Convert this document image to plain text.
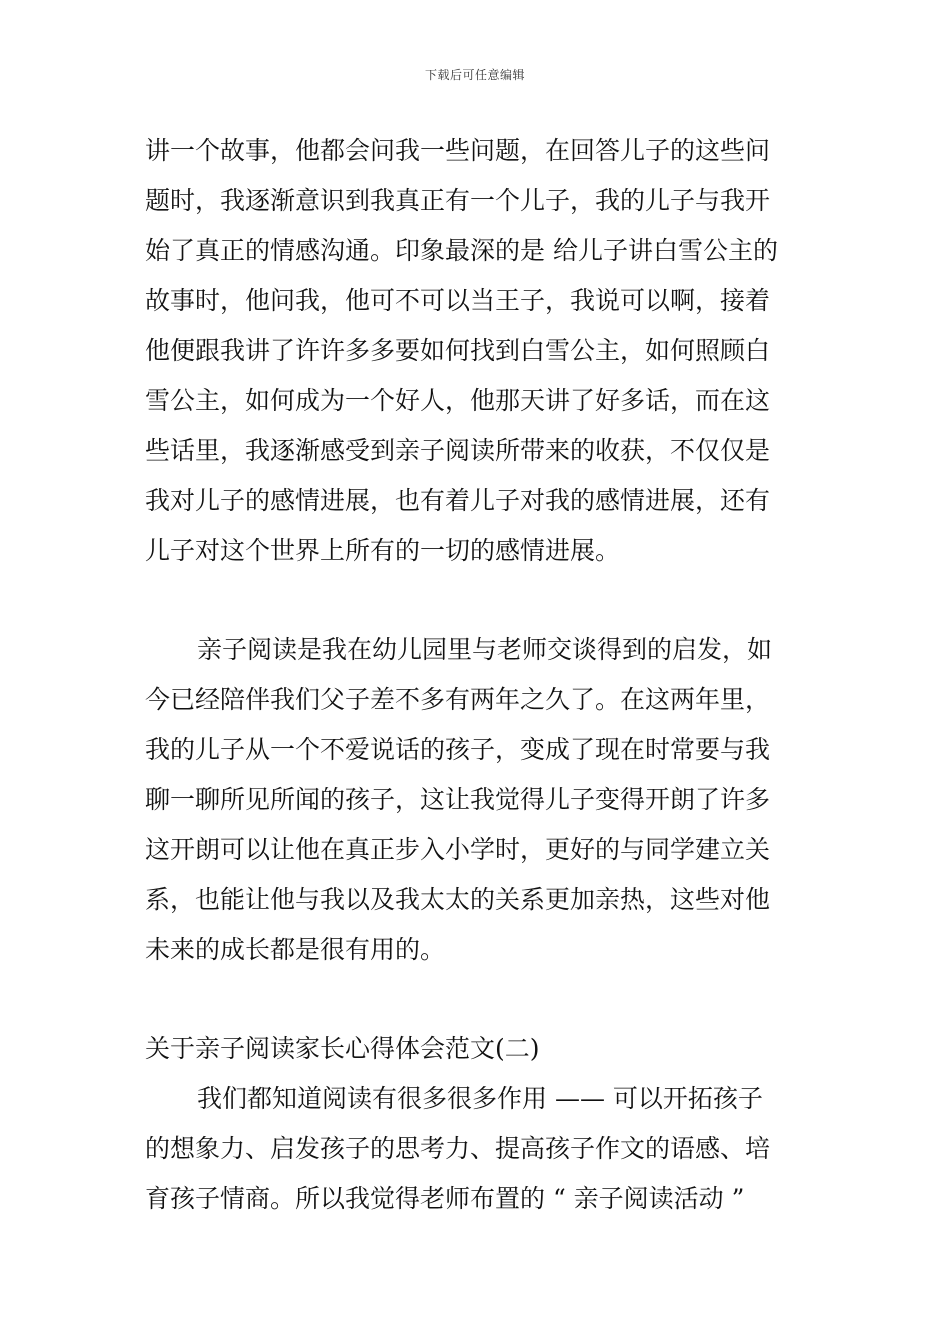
下载后可任意编辑
讲一个故事，他都会问我一些问题，在回答儿子的这些问
题时，我逐渐意识到我真正有一个儿子，我的儿子与我开
始了真正的情感沟通。印象最深的是 给儿子讲白雪公主的
故事时，他问我，他可不可以当王子，我说可以啊，接着
他便跟我讲了许许多多要如何找到白雪公主，如何照顾白
雪公主，如何成为一个好人，他那天讲了好多话，而在这
些话里，我逐渐感受到亲子阅读所带来的收获，不仅仅是
我对儿子的感情进展，也有着儿子对我的感情进展，还有
儿子对这个世界上所有的一切的感情进展。
亲子阅读是我在幼儿园里与老师交谈得到的启发，如
今已经陪伴我们父子差不多有两年之久了。在这两年里，
我的儿子从一个不爱说话的孩子，变成了现在时常要与我
聊一聊所见所闻的孩子，这让我觉得儿子变得开朗了许多
这开朗可以让他在真正步入小学时，更好的与同学建立关
系，也能让他与我以及我太太的关系更加亲热，这些对他
未来的成长都是很有用的。
关于亲子阅读家长心得体会范文(二)
我们都知道阅读有很多很多作用 —— 可以开拓孩子
的想象力、启发孩子的思考力、提高孩子作文的语感、培
育孩子情商。所以我觉得老师布置的 “ 亲子阅读活动 ”
